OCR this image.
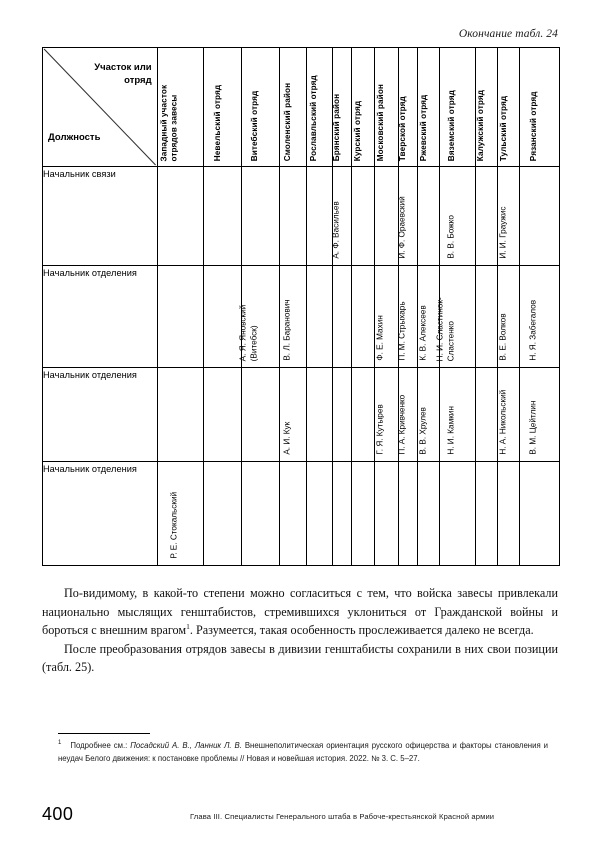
Окончание табл. 24
Участок или отряд
Должность	Западный участок отрядов завесы	Невельский отряд	Витебский отряд	Смоленский район	Рославльский отряд	Брянский район	Курский отряд	Московский район	Тверской отряд	Ржевский отряд	Вяземский отряд	Калужский отряд	Тульский отряд	Рязанский отряд

Начальник связи						А. Ф. Васильев			И. Ф. Ораевский		В. В. Божко		И. И. Граужис	

Начальник отделения			А. Я. Яновский (Витебск)	В. Л. Баранович				Ф. Е. Махин	П. М. Стрыхарь	К. В. Алексеев	Н. И. Сластинок-Сластенко		В. Е. Волков	Н. Я. Забегалов

Начальник отделения				А. И. Кук				Г. Я. Кутырев	П. А. Кривченко	В. В. Хрулев	Н. И. Камкин		Н. А. Никольский	В. М. Цейтлин

Начальник отделения	Р. Е. Стокальский													

По-видимому, в какой-то степени можно согласиться с тем, что войска завесы привлекали национально мыслящих генштабистов, стремившихся уклониться от Гражданской войны и бороться с внешним врагом$^1$. Разумеется, такая особенность прослеживается далеко не всегда.

После преобразования отрядов завесы в дивизии генштабисты сохранили в них свои позиции (табл. 25).

$^1$ Подробнее см.: Посадский А. В., Ланник Л. В. Внешнеполитическая ориентация русского офицерства и факторы становления и неудач Белого движения: к постановке проблемы // Новая и новейшая история. 2022. № 3. С. 5–27.
400	Глава III. Специалисты Генерального штаба в Рабоче-крестьянской Красной армии
